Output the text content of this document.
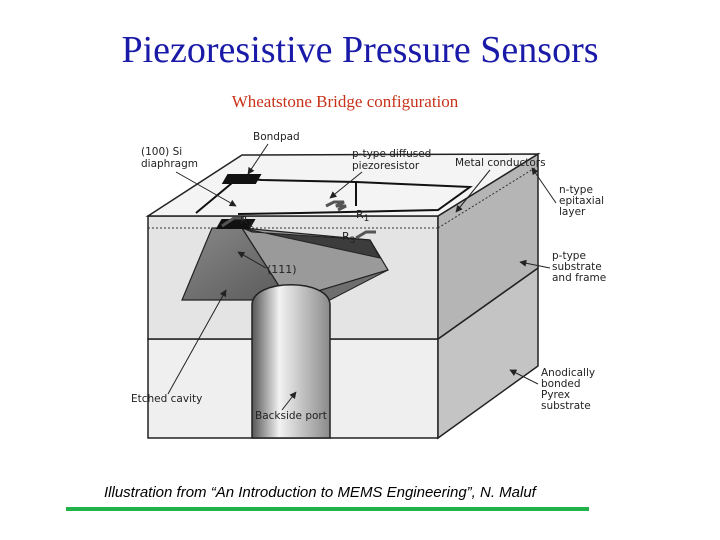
Piezoresistive Pressure Sensors
Wheatstone Bridge configuration
$R_1$
$R_2$
$R_3$
(111)
(100) Si
diaphragm
Bondpad
p-type diffused
piezoresistor	Metal conductors
n-type
epitaxial
layer
p-type
substrate
and frame
Anodically
bonded
Pyrex
substrate
Etched cavity
Backside port
Illustration from “An Introduction to MEMS Engineering”, N. Maluf
